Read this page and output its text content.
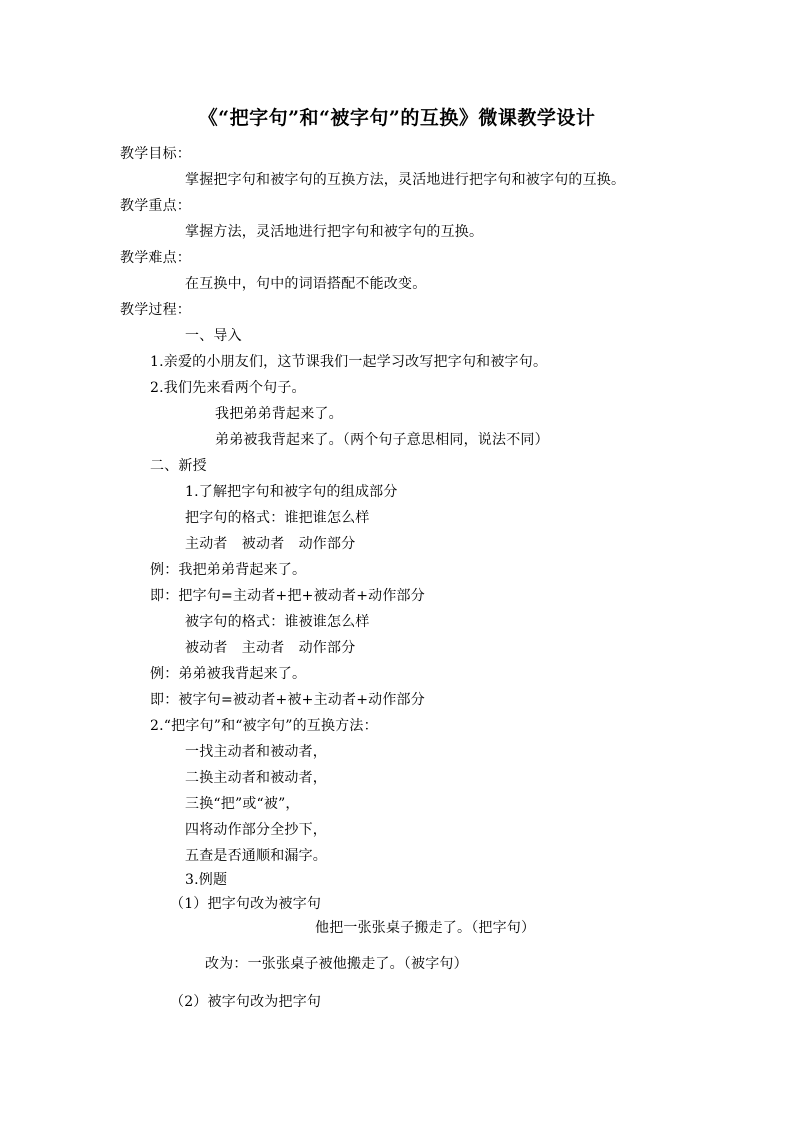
《“把字句”和“被字句”的互换》微课教学设计
教学目标：
掌握把字句和被字句的互换方法，灵活地进行把字句和被字句的互换。
教学重点：
掌握方法，灵活地进行把字句和被字句的互换。
教学难点：
在互换中，句中的词语搭配不能改变。
教学过程：
一、导入
1.亲爱的小朋友们，这节课我们一起学习改写把字句和被字句。
2.我们先来看两个句子。
我把弟弟背起来了。
弟弟被我背起来了。（两个句子意思相同，说法不同）
二、新授
1.了解把字句和被字句的组成部分
把字句的格式：谁把谁怎么样
主动者　被动者　动作部分
例：我把弟弟背起来了。
即：把字句=主动者+把+被动者+动作部分
被字句的格式：谁被谁怎么样
被动者　主动者　动作部分
例：弟弟被我背起来了。
即：被字句=被动者+被+主动者+动作部分
2.“把字句”和“被字句”的互换方法：
一找主动者和被动者，
二换主动者和被动者，
三换“把”或“被”，
四将动作部分全抄下，
五查是否通顺和漏字。
3.例题
（1）把字句改为被字句
他把一张张桌子搬走了。（把字句）
改为：一张张桌子被他搬走了。（被字句）
（2）被字句改为把字句
